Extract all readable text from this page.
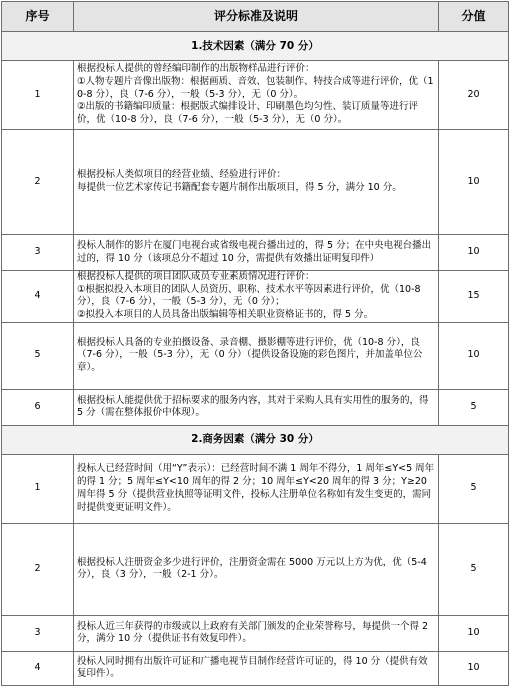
序号	评分标准及说明	分值
1.技术因素（满分 70 分）		
1	根据投标人提供的曾经编印制作的出版物样品进行评价：
①人物专题片音像出版物：根据画质、音效、包装制作、特技合成等进行评价，优（10-8 分），良（7-6 分），一般（5-3 分），无（0 分）。
②出版的书籍编印质量：根据版式编排设计、印刷墨色均匀性、装订质量等进行评价，优（10-8 分），良（7-6 分），一般（5-3 分），无（0 分）。	20
2	根据投标人类似项目的经营业绩、经验进行评价：
每提供一位艺术家传记书籍配套专题片制作出版项目，得 5 分，满分 10 分。	10
3	投标人制作的影片在厦门电视台或省级电视台播出过的，得 5 分；在中央电视台播出过的，得 10 分（该项总分不超过 10 分，需提供有效播出证明复印件）	10
4	根据投标人提供的项目团队成员专业素质情况进行评价：
①根据拟投入本项目的团队人员资历、职称、技术水平等因素进行评价，优（10-8 分），良（7-6 分），一般（5-3 分），无（0 分）；
②拟投入本项目的人员具备出版编辑等相关职业资格证书的，得 5 分。	15
5	根据投标人具备的专业拍摄设备、录音棚、摄影棚等进行评价，优（10-8 分），良（7-6 分），一般（5-3 分），无（0 分）（提供设备设施的彩色图片，并加盖单位公章）。	10
6	根据投标人能提供优于招标要求的服务内容，其对于采购人具有实用性的服务的，得 5 分（需在整体报价中体现）。	5
2.商务因素（满分 30 分）		
1	投标人已经营时间（用“Y”表示）：已经营时间不满 1 周年不得分，1 周年≤Y<5 周年的得 1 分；5 周年≤Y<10 周年的得 2 分；10 周年≤Y<20 周年的得 3 分；Y≥20 周年得 5 分（提供营业执照等证明文件，投标人注册单位名称如有发生变更的，需同时提供变更证明文件）。	5
2	根据投标人注册资金多少进行评价，注册资金需在 5000 万元以上方为优，优（5-4 分），良（3 分），一般（2-1 分）。	5
3	投标人近三年获得的市级或以上政府有关部门颁发的企业荣誉称号，每提供一个得 2 分，满分 10 分（提供证书有效复印件）。	10
4	投标人同时拥有出版许可证和广播电视节目制作经营许可证的，得 10 分（提供有效复印件）。	10
